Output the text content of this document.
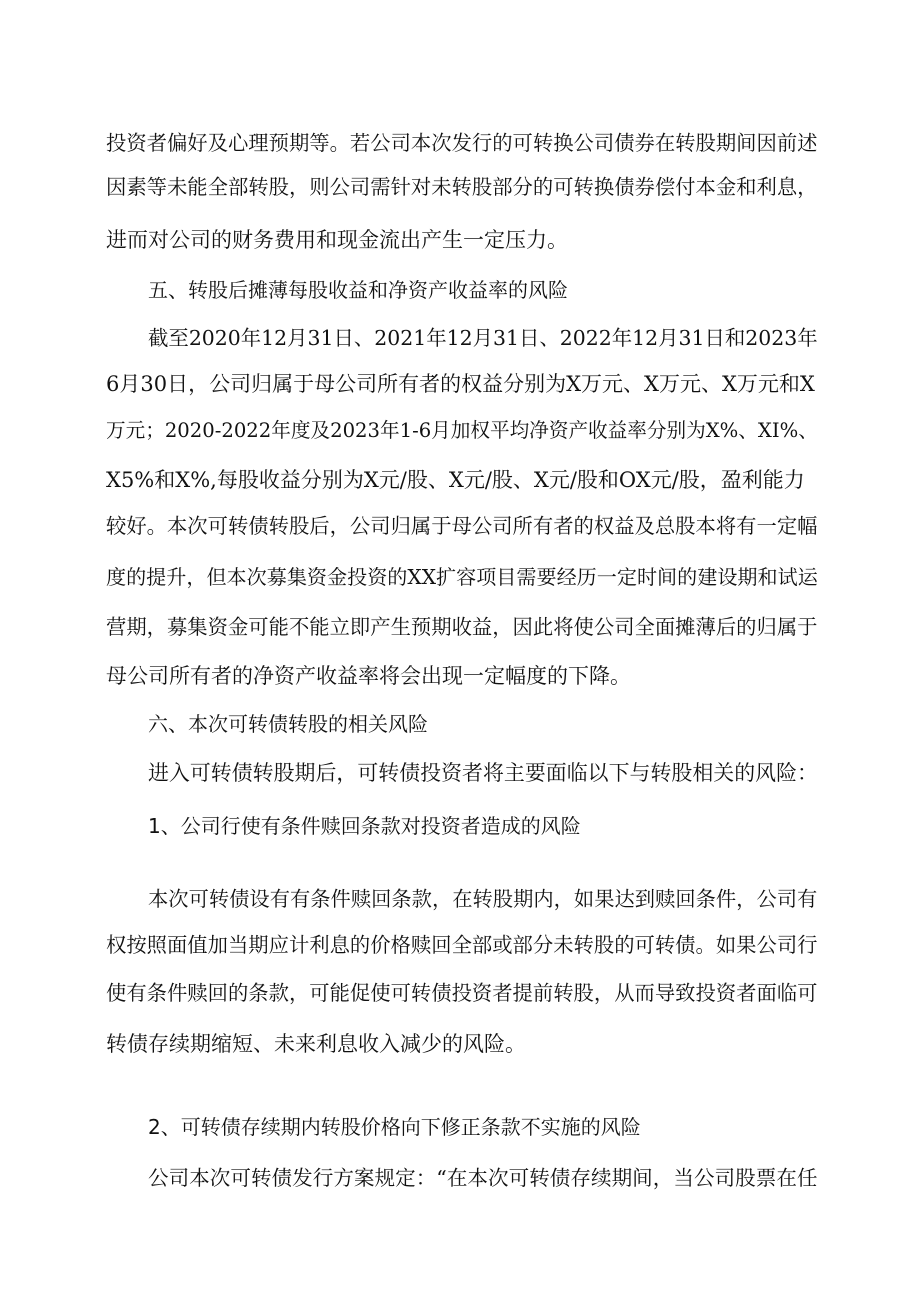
投资者偏好及心理预期等。若公司本次发行的可转换公司债券在转股期间因前述
因素等未能全部转股，则公司需针对未转股部分的可转换债券偿付本金和利息，
进而对公司的财务费用和现金流出产生一定压力。
五、转股后摊薄每股收益和净资产收益率的风险
截至2020年12月31日、2021年12月31日、2022年12月31日和2023年
6月30日，公司归属于母公司所有者的权益分别为X万元、X万元、X万元和X
万元；2020-2022年度及2023年1-6月加权平均净资产收益率分别为X%、XI%、
X5%和X%,每股收益分别为X元/股、X元/股、X元/股和OX元/股，盈利能力
较好。本次可转债转股后，公司归属于母公司所有者的权益及总股本将有一定幅
度的提升，但本次募集资金投资的XX扩容项目需要经历一定时间的建设期和试运
营期，募集资金可能不能立即产生预期收益，因此将使公司全面摊薄后的归属于
母公司所有者的净资产收益率将会出现一定幅度的下降。
六、本次可转债转股的相关风险
进入可转债转股期后，可转债投资者将主要面临以下与转股相关的风险：
1、公司行使有条件赎回条款对投资者造成的风险
本次可转债设有有条件赎回条款，在转股期内，如果达到赎回条件，公司有
权按照面值加当期应计利息的价格赎回全部或部分未转股的可转债。如果公司行
使有条件赎回的条款，可能促使可转债投资者提前转股，从而导致投资者面临可
转债存续期缩短、未来利息收入减少的风险。
2、可转债存续期内转股价格向下修正条款不实施的风险
公司本次可转债发行方案规定：“在本次可转债存续期间，当公司股票在任
